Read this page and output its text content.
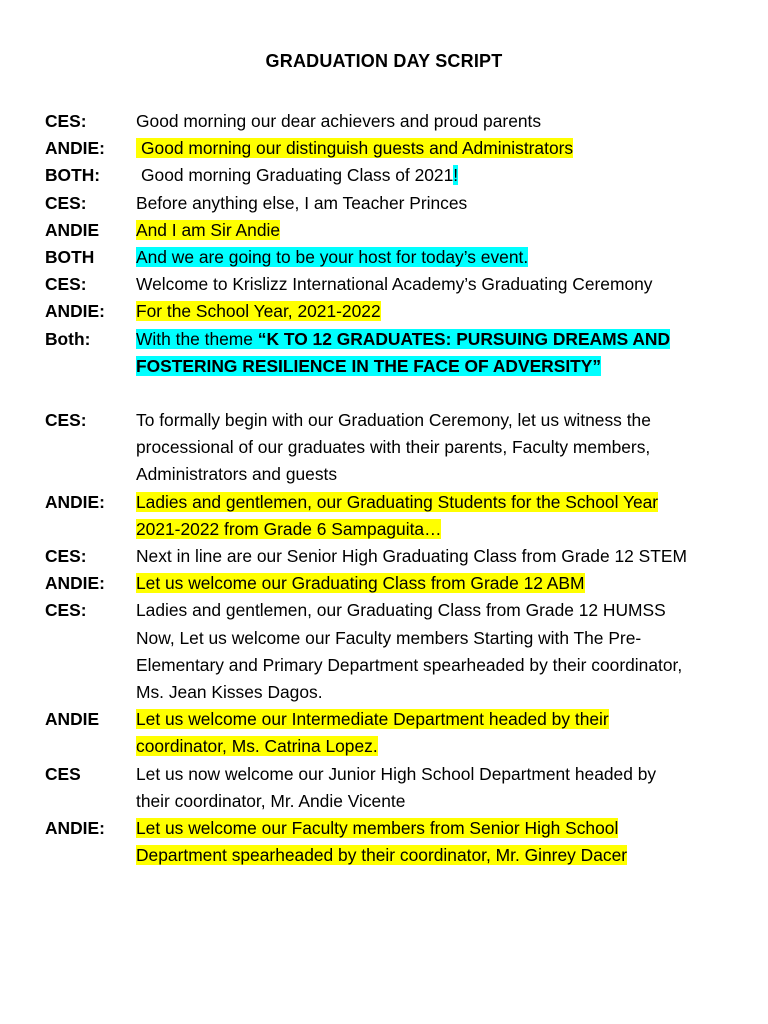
GRADUATION DAY SCRIPT
CES:	Good morning our dear achievers and proud parents
ANDIE:	Good morning our distinguish guests and Administrators
BOTH:	Good morning Graduating Class of 2021!
CES:	Before anything else, I am Teacher Princes
ANDIE	And I am Sir Andie
BOTH	And we are going to be your host for today’s event.
CES:	Welcome to Krislizz International Academy’s Graduating Ceremony
ANDIE:	For the School Year, 2021-2022
Both:	With the theme “K TO 12 GRADUATES: PURSUING DREAMS AND
FOSTERING RESILIENCE IN THE FACE OF ADVERSITY”
CES:	To formally begin with our Graduation Ceremony, let us witness the
processional of our graduates with their parents, Faculty members,
Administrators and guests
ANDIE:	Ladies and gentlemen, our Graduating Students for the School Year
2021-2022 from Grade 6 Sampaguita…
CES:	Next in line are our Senior High Graduating Class from Grade 12 STEM
ANDIE:	Let us welcome our Graduating Class from Grade 12 ABM
CES:	Ladies and gentlemen, our Graduating Class from Grade 12 HUMSS
Now, Let us welcome our Faculty members Starting with The Pre-
Elementary and Primary Department spearheaded by their coordinator,
Ms. Jean Kisses Dagos.
ANDIE	Let us welcome our Intermediate Department headed by their
coordinator, Ms. Catrina Lopez.
CES	Let us now welcome our Junior High School Department headed by
their coordinator, Mr. Andie Vicente
ANDIE:	Let us welcome our Faculty members from Senior High School
Department spearheaded by their coordinator, Mr. Ginrey Dacer
